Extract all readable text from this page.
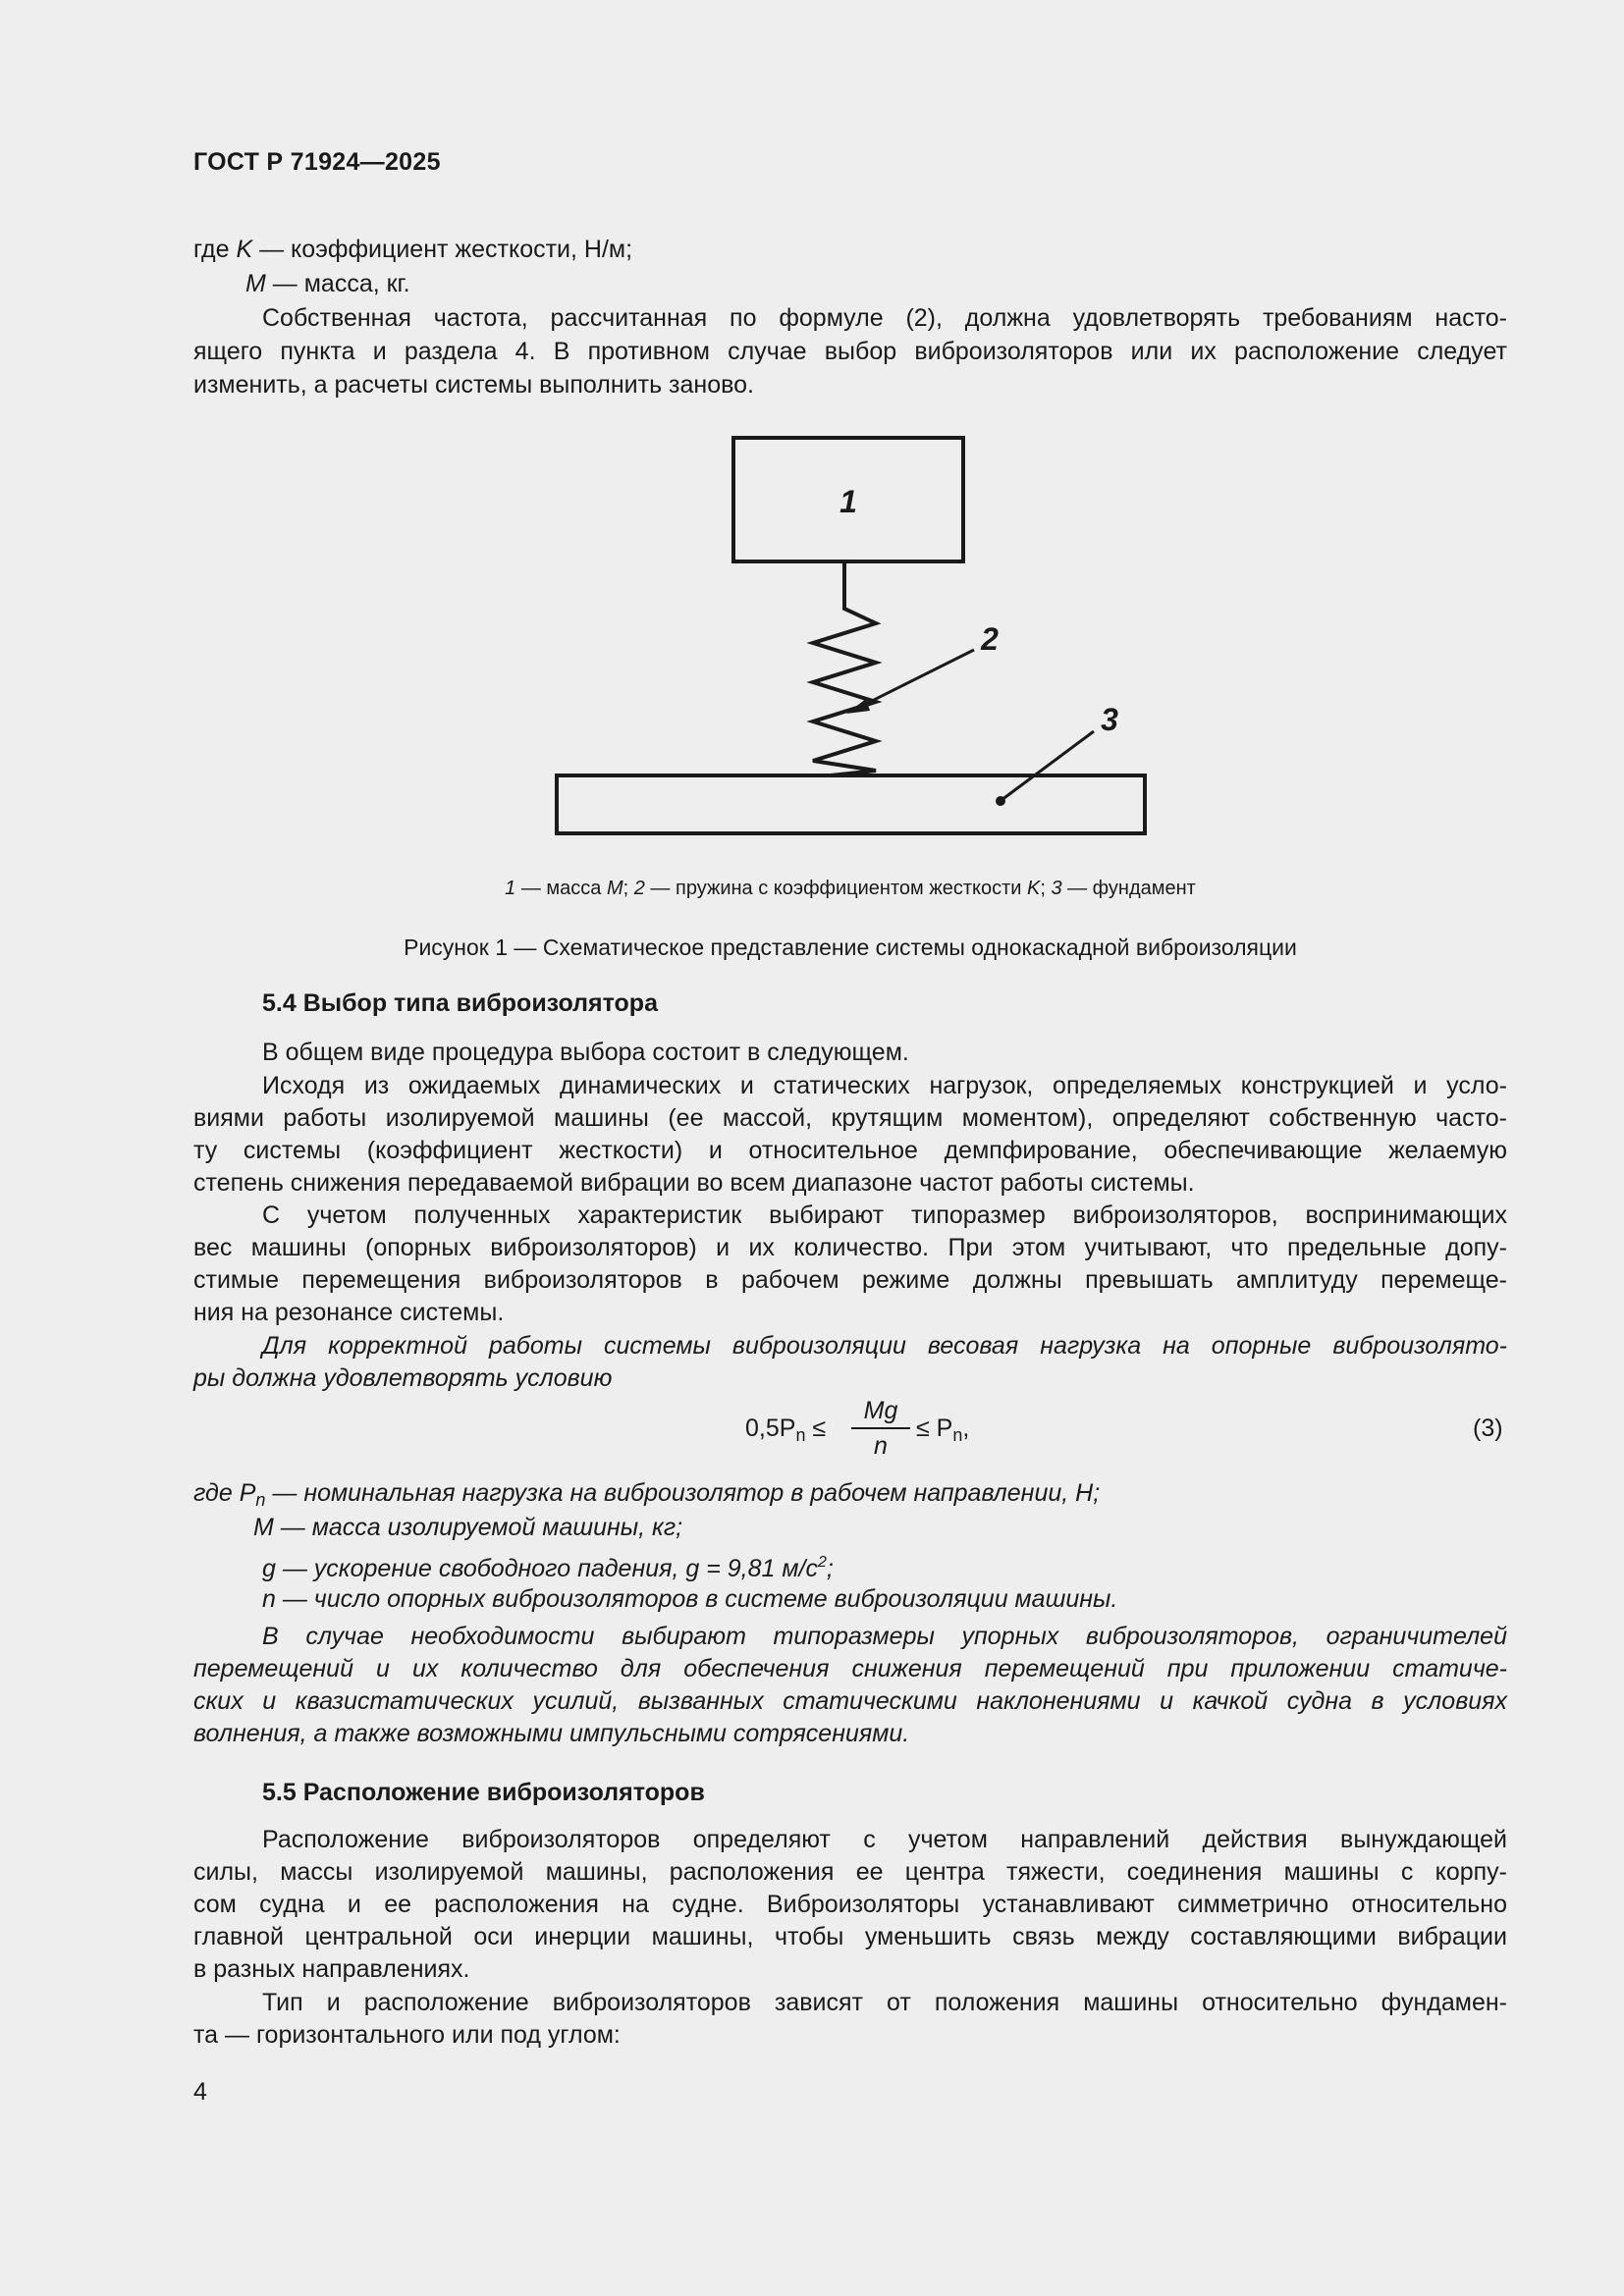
ГОСТ Р 71924—2025
где K — коэффициент жесткости, Н/м;
M — масса, кг.
Собственная частота, рассчитанная по формуле (2), должна удовлетворять требованиям насто-
ящего пункта и раздела 4. В противном случае выбор виброизоляторов или их расположение следует
изменить, а расчеты системы выполнить заново.
1
2
3
1 — масса M; 2 — пружина с коэффициентом жесткости K; 3 — фундамент
Рисунок 1 — Схематическое представление системы однокаскадной виброизоляции
5.4 Выбор типа виброизолятора
В общем виде процедура выбора состоит в следующем.
Исходя из ожидаемых динамических и статических нагрузок, определяемых конструкцией и усло-
виями работы изолируемой машины (ее массой, крутящим моментом), определяют собственную часто-
ту системы (коэффициент жесткости) и относительное демпфирование, обеспечивающие желаемую
степень снижения передаваемой вибрации во всем диапазоне частот работы системы.
С учетом полученных характеристик выбирают типоразмер виброизоляторов, воспринимающих
вес машины (опорных виброизоляторов) и их количество. При этом учитывают, что предельные допу-
стимые перемещения виброизоляторов в рабочем режиме должны превышать амплитуду перемеще-
ния на резонансе системы.
Для корректной работы системы виброизоляции весовая нагрузка на опорные виброизолято-
ры должна удовлетворять условию
$0,5P_n \le \frac{Mg}{n} \le P_n$,	(3)
где $P_n$ — номинальная нагрузка на виброизолятор в рабочем направлении, Н;
M — масса изолируемой машины, кг;
g — ускорение свободного падения, g = 9,81 $м/с^2$;
n — число опорных виброизоляторов в системе виброизоляции машины.
В случае необходимости выбирают типоразмеры упорных виброизоляторов, ограничителей
перемещений и их количество для обеспечения снижения перемещений при приложении статиче-
ских и квазистатических усилий, вызванных статическими наклонениями и качкой судна в условиях
волнения, а также возможными импульсными сотрясениями.
5.5 Расположение виброизоляторов
Расположение виброизоляторов определяют с учетом направлений действия вынуждающей
силы, массы изолируемой машины, расположения ее центра тяжести, соединения машины с корпу-
сом судна и ее расположения на судне. Виброизоляторы устанавливают симметрично относительно
главной центральной оси инерции машины, чтобы уменьшить связь между составляющими вибрации
в разных направлениях.
Тип и расположение виброизоляторов зависят от положения машины относительно фундамен-
та — горизонтального или под углом:
4
